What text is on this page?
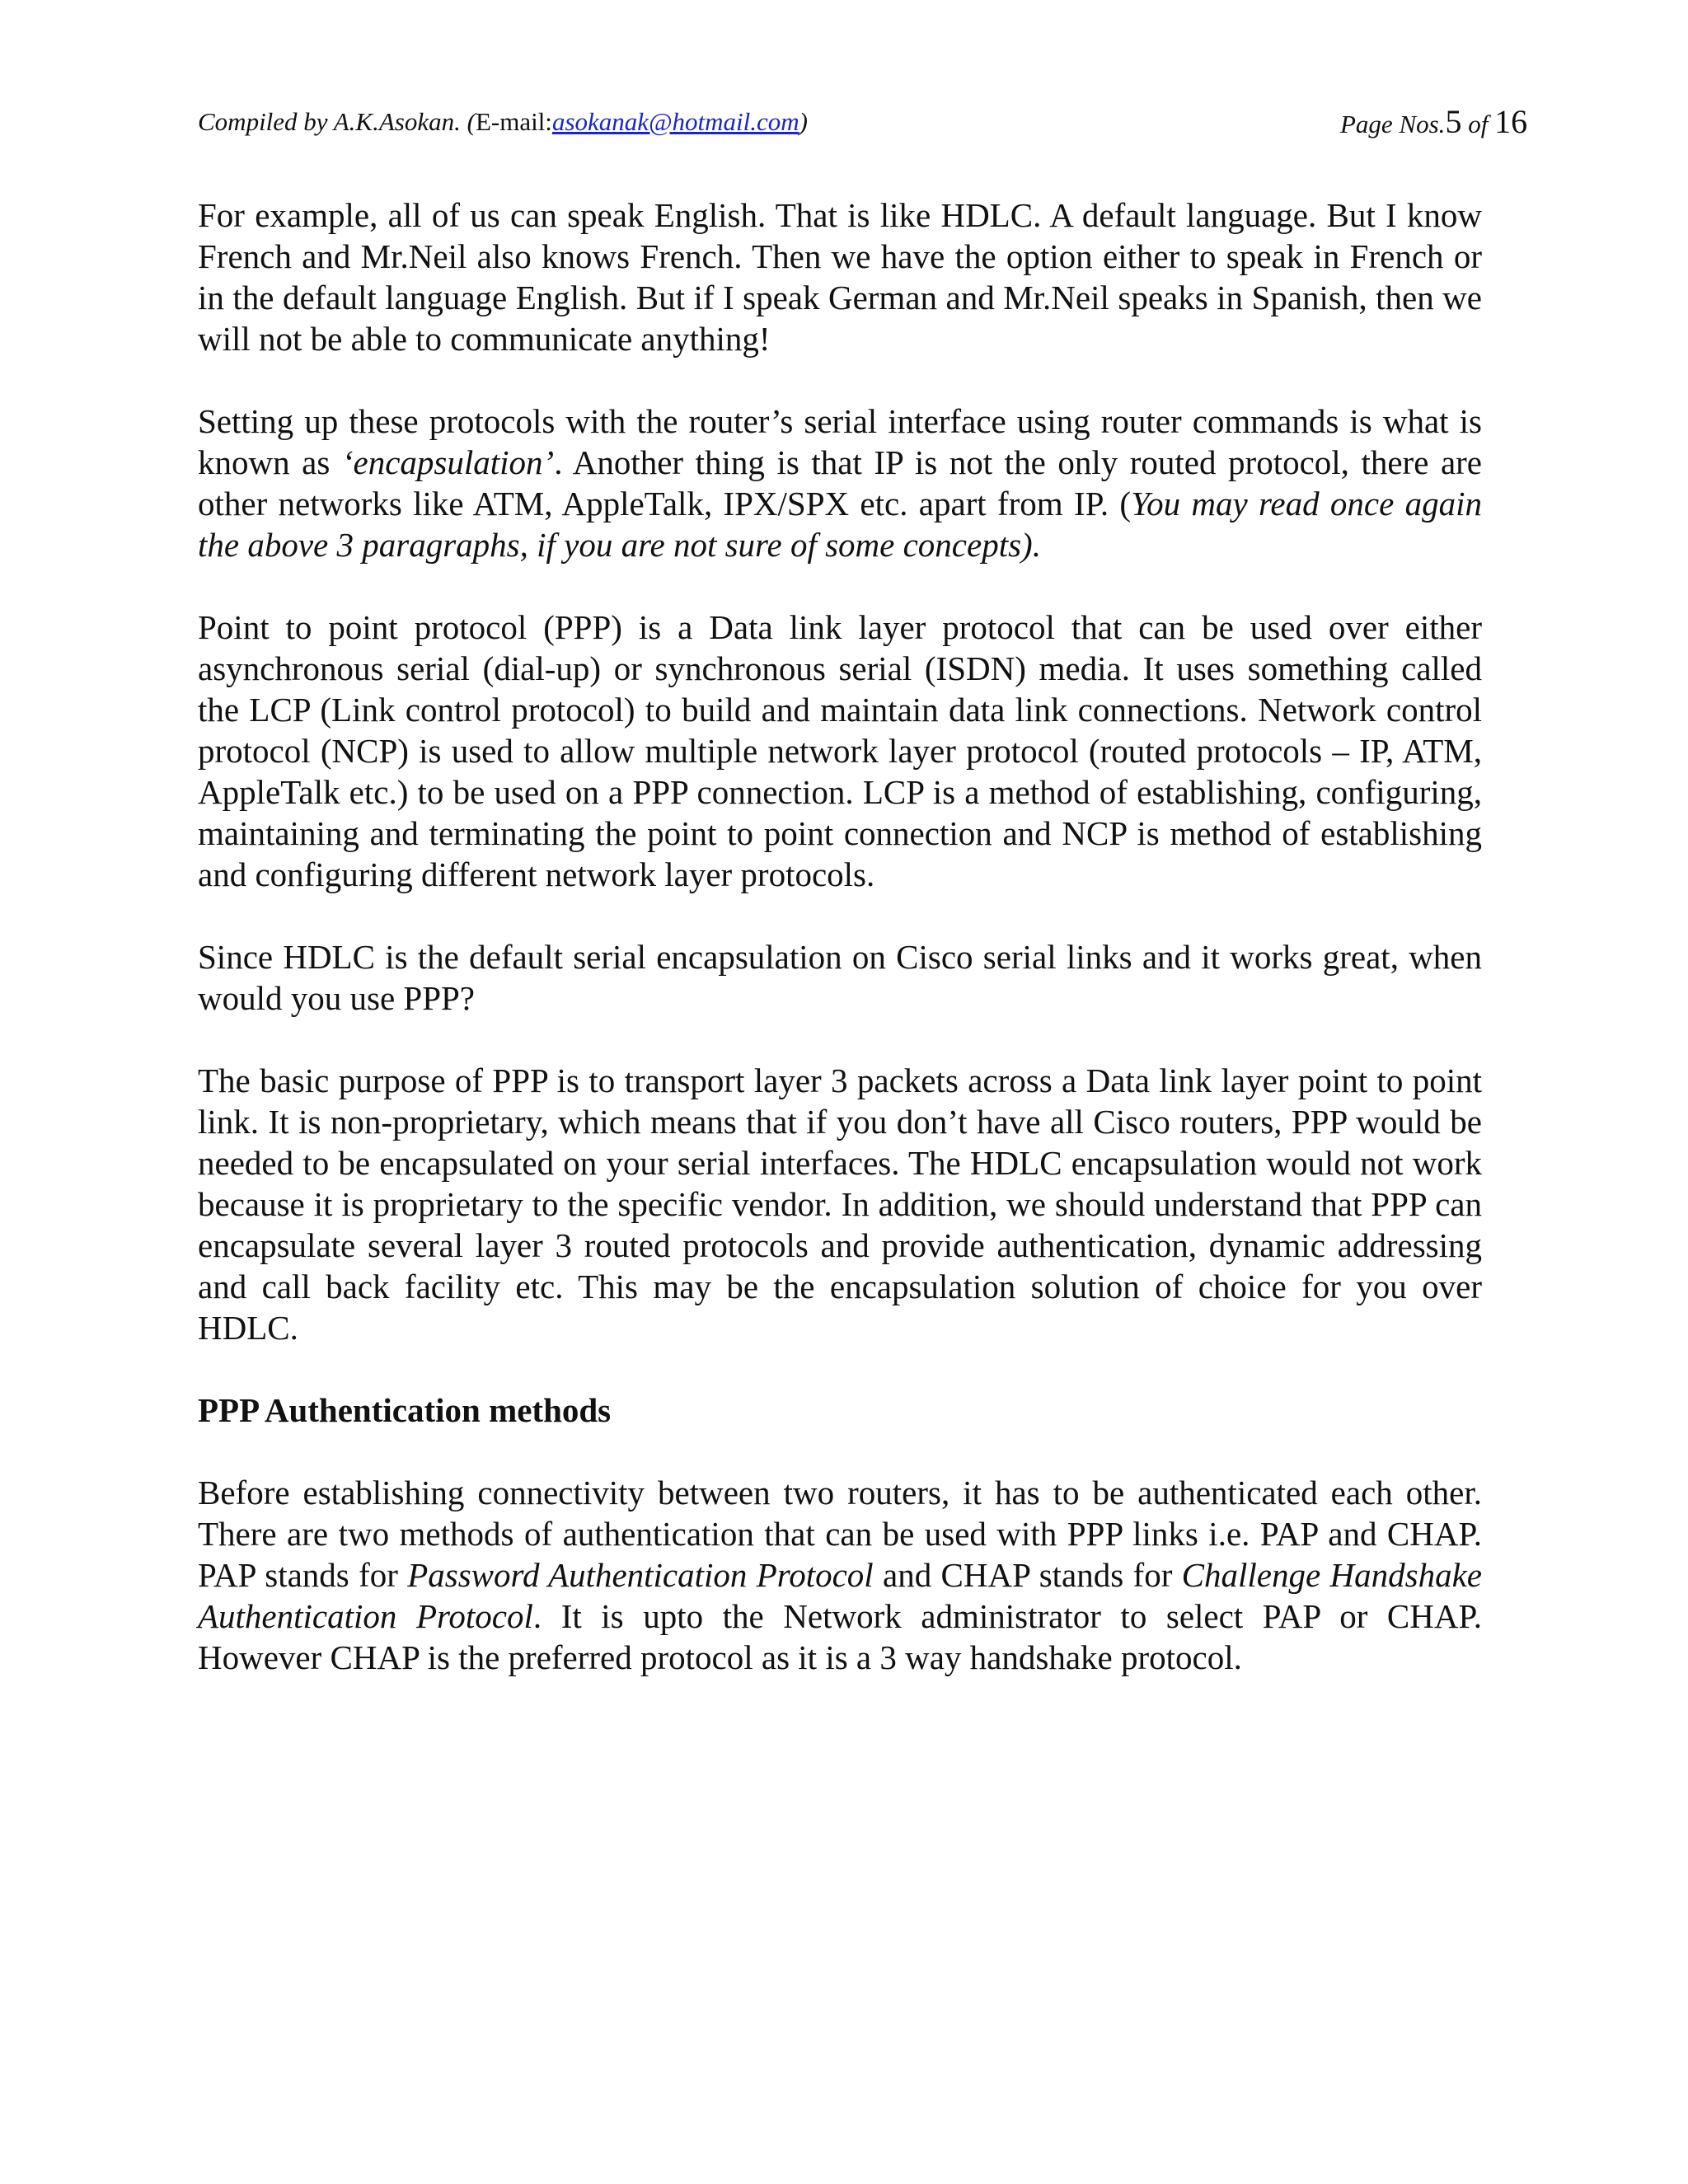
Compiled by A.K.Asokan. (E-mail:asokanak@hotmail.com)	Page Nos.5 of 16

For example, all of us can speak English. That is like HDLC. A default language. But I know French and Mr.Neil also knows French. Then we have the option either to speak in French or in the default language English. But if I speak German and Mr.Neil speaks in Spanish, then we will not be able to communicate anything!

Setting up these protocols with the router’s serial interface using router commands is what is known as ‘encapsulation’. Another thing is that IP is not the only routed protocol, there are other networks like ATM, AppleTalk, IPX/SPX etc. apart from IP. (You may read once again the above 3 paragraphs, if you are not sure of some concepts).

Point to point protocol (PPP) is a Data link layer protocol that can be used over either asynchronous serial (dial-up) or synchronous serial (ISDN) media. It uses something called the LCP (Link control protocol) to build and maintain data link connections. Network control protocol (NCP) is used to allow multiple network layer protocol (routed protocols – IP, ATM, AppleTalk etc.) to be used on a PPP connection. LCP is a method of establishing, configuring, maintaining and terminating the point to point connection and NCP is method of establishing and configuring different network layer protocols.

Since HDLC is the default serial encapsulation on Cisco serial links and it works great, when would you use PPP?

The basic purpose of PPP is to transport layer 3 packets across a Data link layer point to point link. It is non-proprietary, which means that if you don’t have all Cisco routers, PPP would be needed to be encapsulated on your serial interfaces. The HDLC encapsulation would not work because it is proprietary to the specific vendor. In addition, we should understand that PPP can encapsulate several layer 3 routed protocols and provide authentication, dynamic addressing and call back facility etc. This may be the encapsulation solution of choice for you over HDLC.

PPP Authentication methods

Before establishing connectivity between two routers, it has to be authenticated each other. There are two methods of authentication that can be used with PPP links i.e. PAP and CHAP. PAP stands for Password Authentication Protocol and CHAP stands for Challenge Handshake Authentication Protocol. It is upto the Network administrator to select PAP or CHAP. However CHAP is the preferred protocol as it is a 3 way handshake protocol.
